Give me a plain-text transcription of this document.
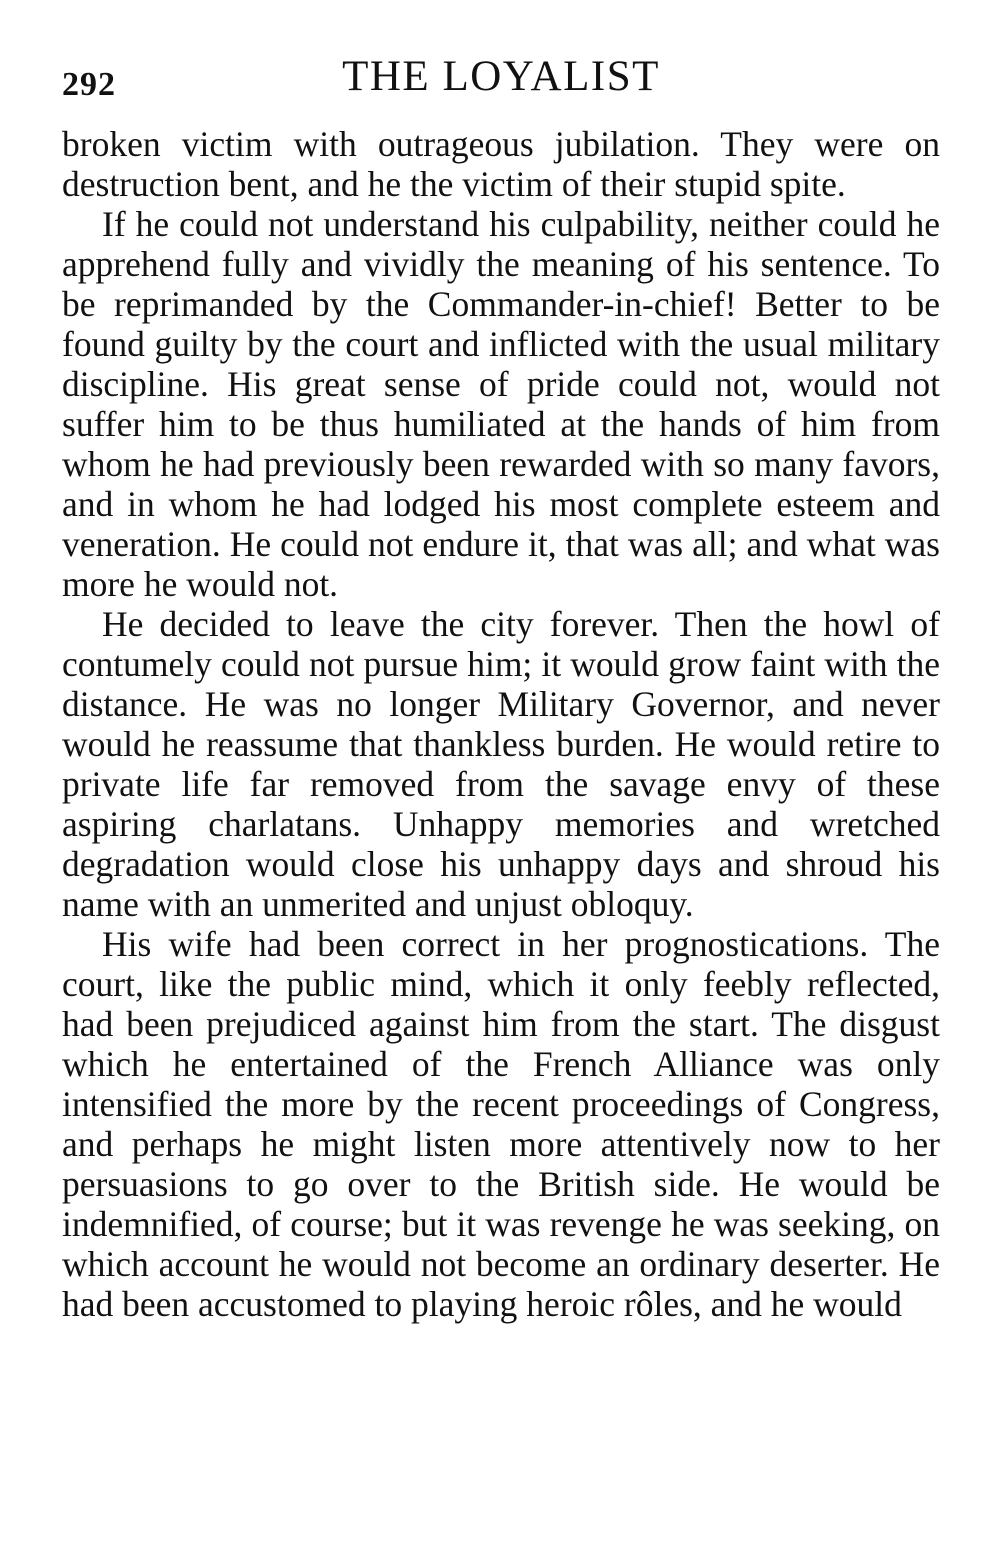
292	THE LOYALIST

broken victim with outrageous jubilation. They were on destruction bent, and he the victim of their stupid spite.

If he could not understand his culpability, neither could he apprehend fully and vividly the meaning of his sentence. To be reprimanded by the Commander-in-chief! Better to be found guilty by the court and inflicted with the usual military discipline. His great sense of pride could not, would not suffer him to be thus humiliated at the hands of him from whom he had previously been rewarded with so many favors, and in whom he had lodged his most complete esteem and veneration. He could not endure it, that was all; and what was more he would not.

He decided to leave the city forever. Then the howl of contumely could not pursue him; it would grow faint with the distance. He was no longer Military Governor, and never would he reassume that thankless burden. He would retire to private life far removed from the savage envy of these aspiring charlatans. Unhappy memories and wretched degradation would close his unhappy days and shroud his name with an unmerited and unjust obloquy.

His wife had been correct in her prognostications. The court, like the public mind, which it only feebly reflected, had been prejudiced against him from the start. The disgust which he entertained of the French Alliance was only intensified the more by the recent proceedings of Congress, and perhaps he might listen more attentively now to her persuasions to go over to the British side. He would be indemnified, of course; but it was revenge he was seeking, on which account he would not become an ordinary deserter. He had been accustomed to playing heroic rôles, and he would
